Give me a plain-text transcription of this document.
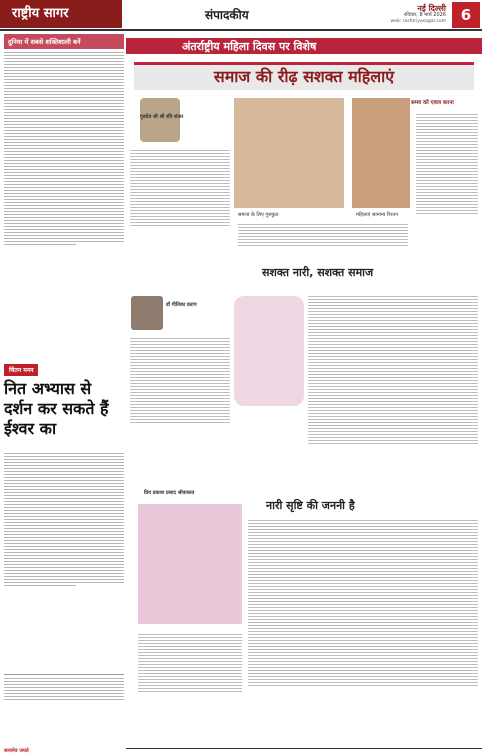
राष्ट्रीय सागर	संपादकीय	नई दिल्ली
रविवार, 8 मार्च 2026
web: rashtriyasagar.com 6
दुनिया में सबसे शक्तिशाली बनें
चिंतन मनन
नित अभ्यास से दर्शन कर सकते हैं ईश्वर का
सत्यमेव जयते
अंतर्राष्ट्रीय महिला दिवस पर विशेष
समाज की रीढ़ सशक्त महिलाएं
गुरुदेव श्री श्री रवि शंकर
समाज के लिए गुरुकुल	महिलाएं सामान्य रिश्तन
समय को एकत्र करना
सशक्त नारी, सशक्त समाज
डॉ गीतिका प्रताप
नारी सृष्टि की जननी है
प्रिय प्रकाश प्रसाद श्रीवास्तव
